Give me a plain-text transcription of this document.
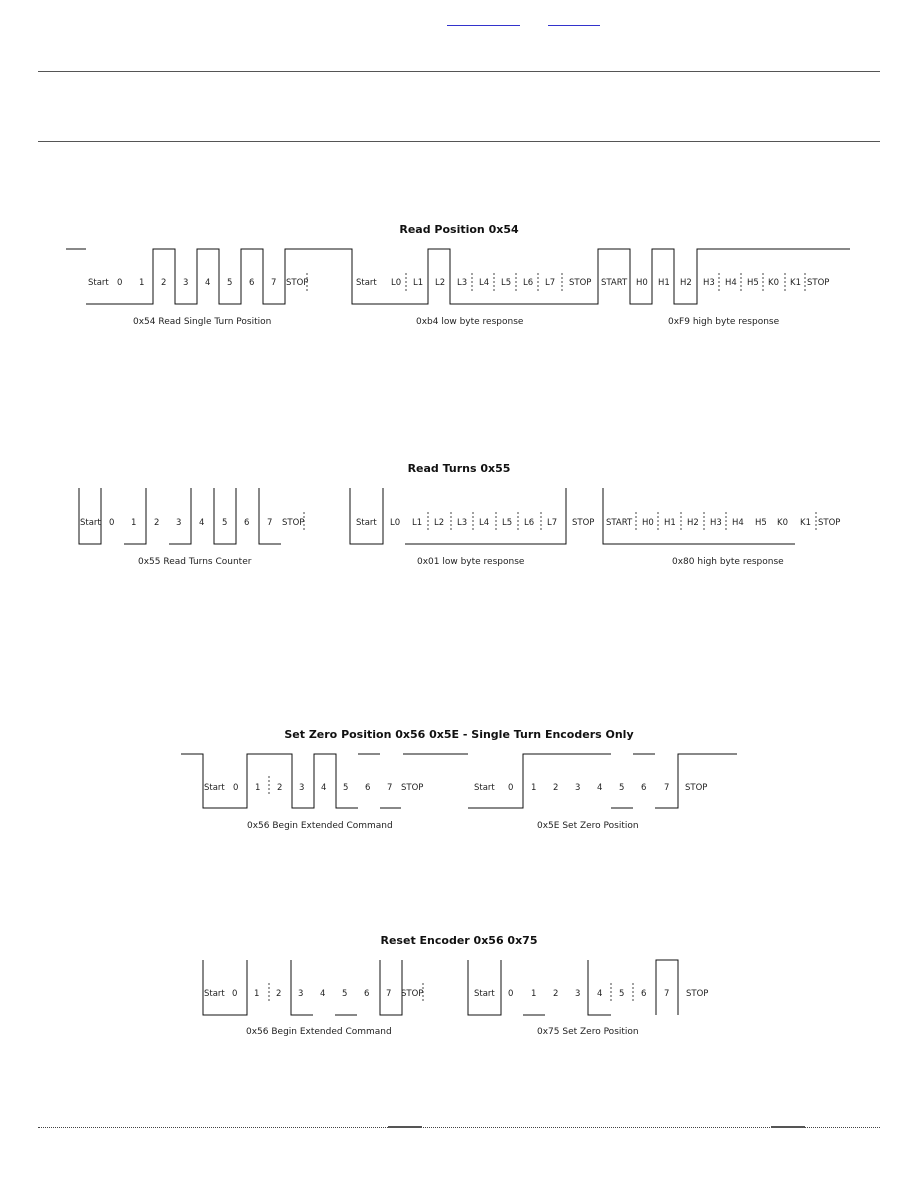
Read Position 0x54
Start 0 1 2 3 4 5 6 7 STOP
0x54 Read Single Turn Position
Start L0 L1 L2 L3 L4 L5 L6 L7 STOP
0xb4 low byte response
START H0 H1 H2 H3 H4 H5 K0 K1 STOP
0xF9 high byte response
Read Turns 0x55
Start 0 1 2 3 4 5 6 7 STOP
0x55 Read Turns Counter
Start L0 L1 L2 L3 L4 L5 L6 L7 STOP
0x01 low byte response
START H0 H1 H2 H3 H4 H5 K0 K1 STOP
0x80 high byte response
Set Zero Position 0x56 0x5E - Single Turn Encoders Only
Start 0 1 2 3 4 5 6 7 STOP
0x56 Begin Extended Command
Start 0 1 2 3 4 5 6 7 STOP
0x5E Set Zero Position
Reset Encoder 0x56 0x75
Start 0 1 2 3 4 5 6 7 STOP
0x56 Begin Extended Command
Start 0 1 2 3 4 5 6 7 STOP
0x75 Set Zero Position
